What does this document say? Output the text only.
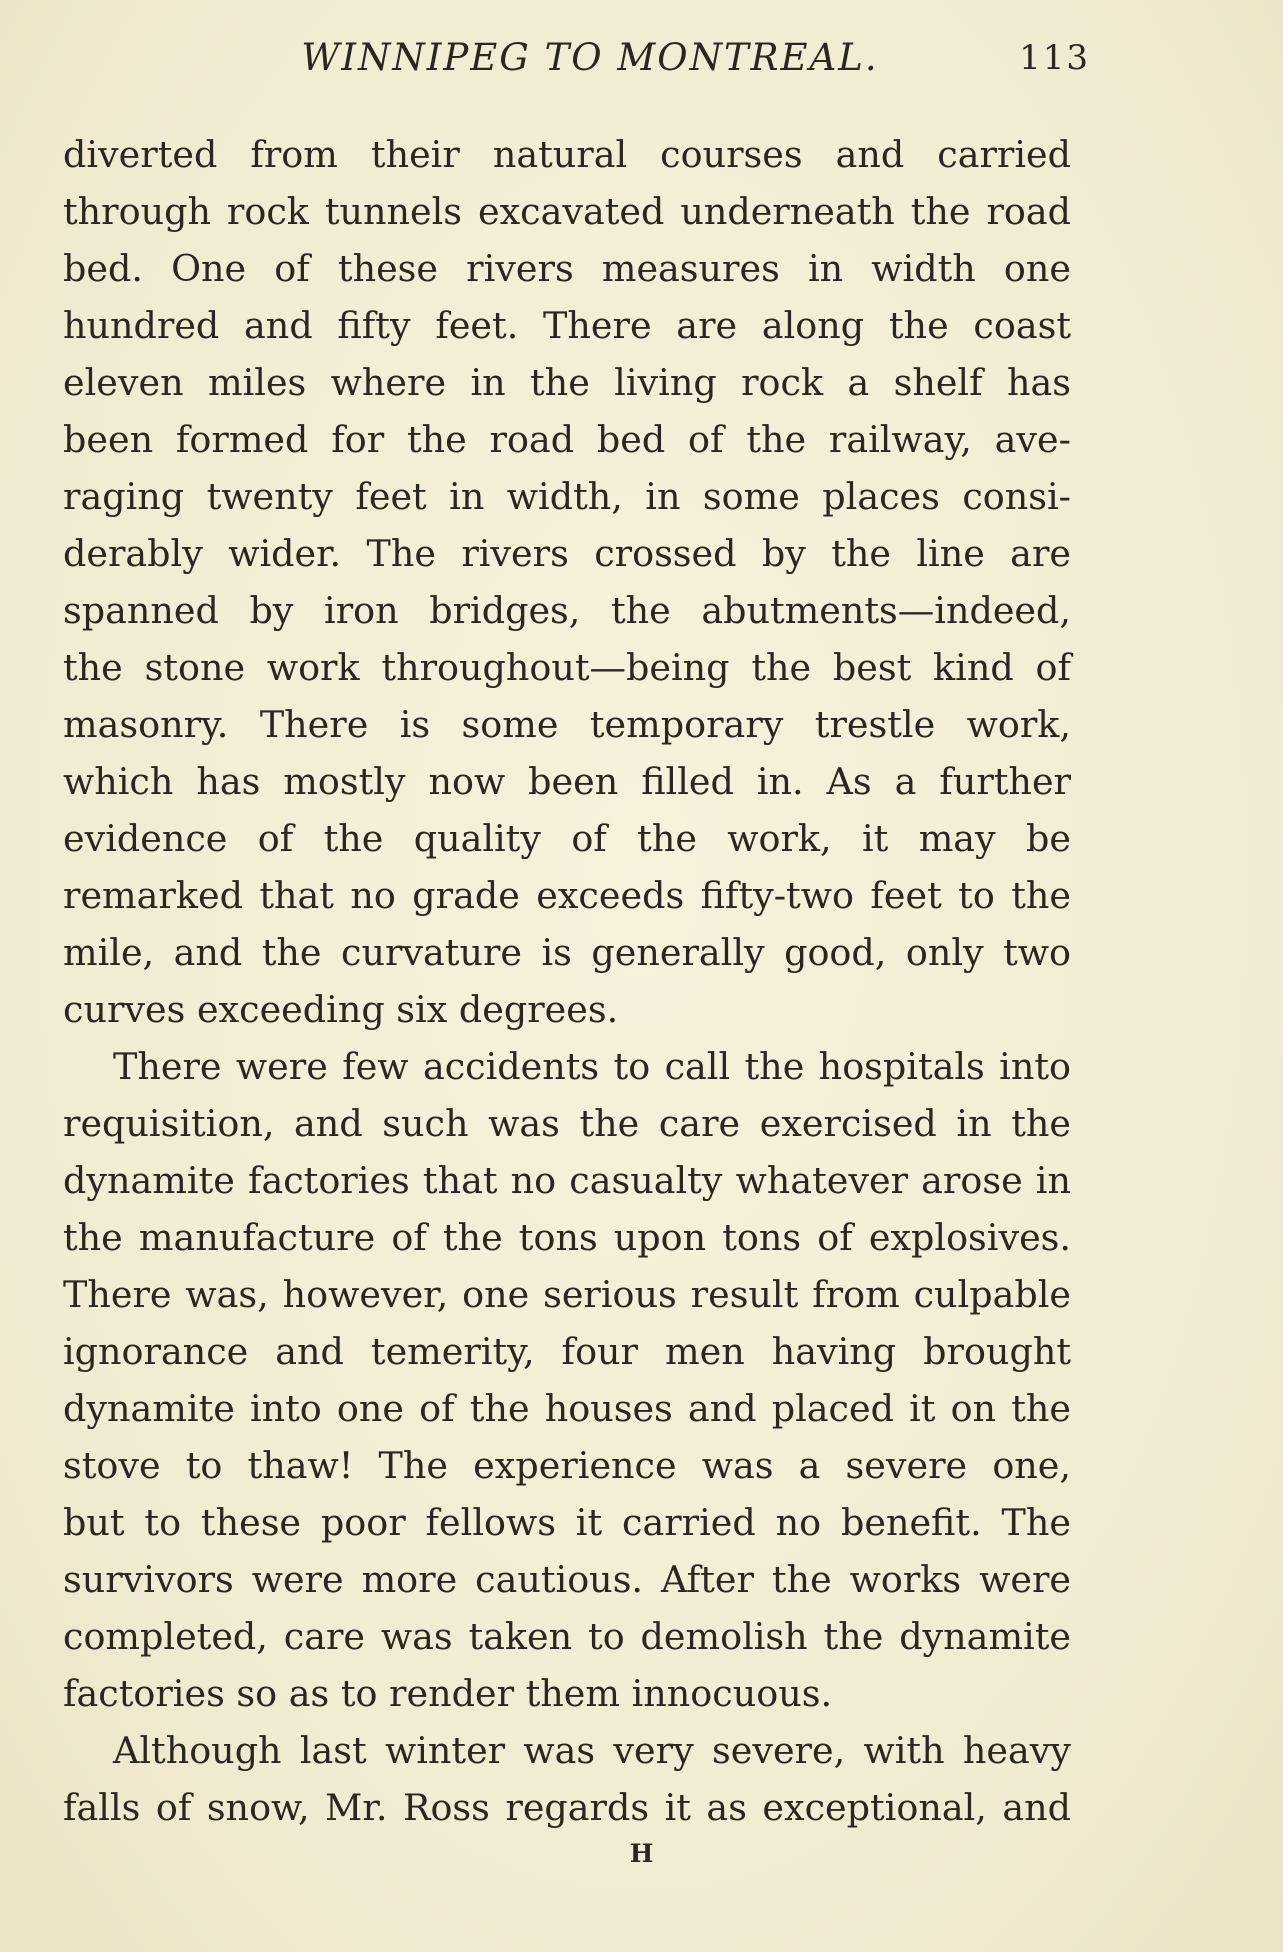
WINNIPEG TO MONTREAL.	113
diverted from their natural courses and carried
through rock tunnels excavated underneath the road
bed. One of these rivers measures in width one
hundred and fifty feet. There are along the coast
eleven miles where in the living rock a shelf has
been formed for the road bed of the railway, ave-
raging twenty feet in width, in some places consi-
derably wider. The rivers crossed by the line are
spanned by iron bridges, the abutments—indeed,
the stone work throughout—being the best kind of
masonry. There is some temporary trestle work,
which has mostly now been filled in. As a further
evidence of the quality of the work, it may be
remarked that no grade exceeds fifty-two feet to the
mile, and the curvature is generally good, only two
curves exceeding six degrees.
There were few accidents to call the hospitals into
requisition, and such was the care exercised in the
dynamite factories that no casualty whatever arose in
the manufacture of the tons upon tons of explosives.
There was, however, one serious result from culpable
ignorance and temerity, four men having brought
dynamite into one of the houses and placed it on the
stove to thaw! The experience was a severe one,
but to these poor fellows it carried no benefit. The
survivors were more cautious. After the works were
completed, care was taken to demolish the dynamite
factories so as to render them innocuous.
Although last winter was very severe, with heavy
falls of snow, Mr. Ross regards it as exceptional, and
H
